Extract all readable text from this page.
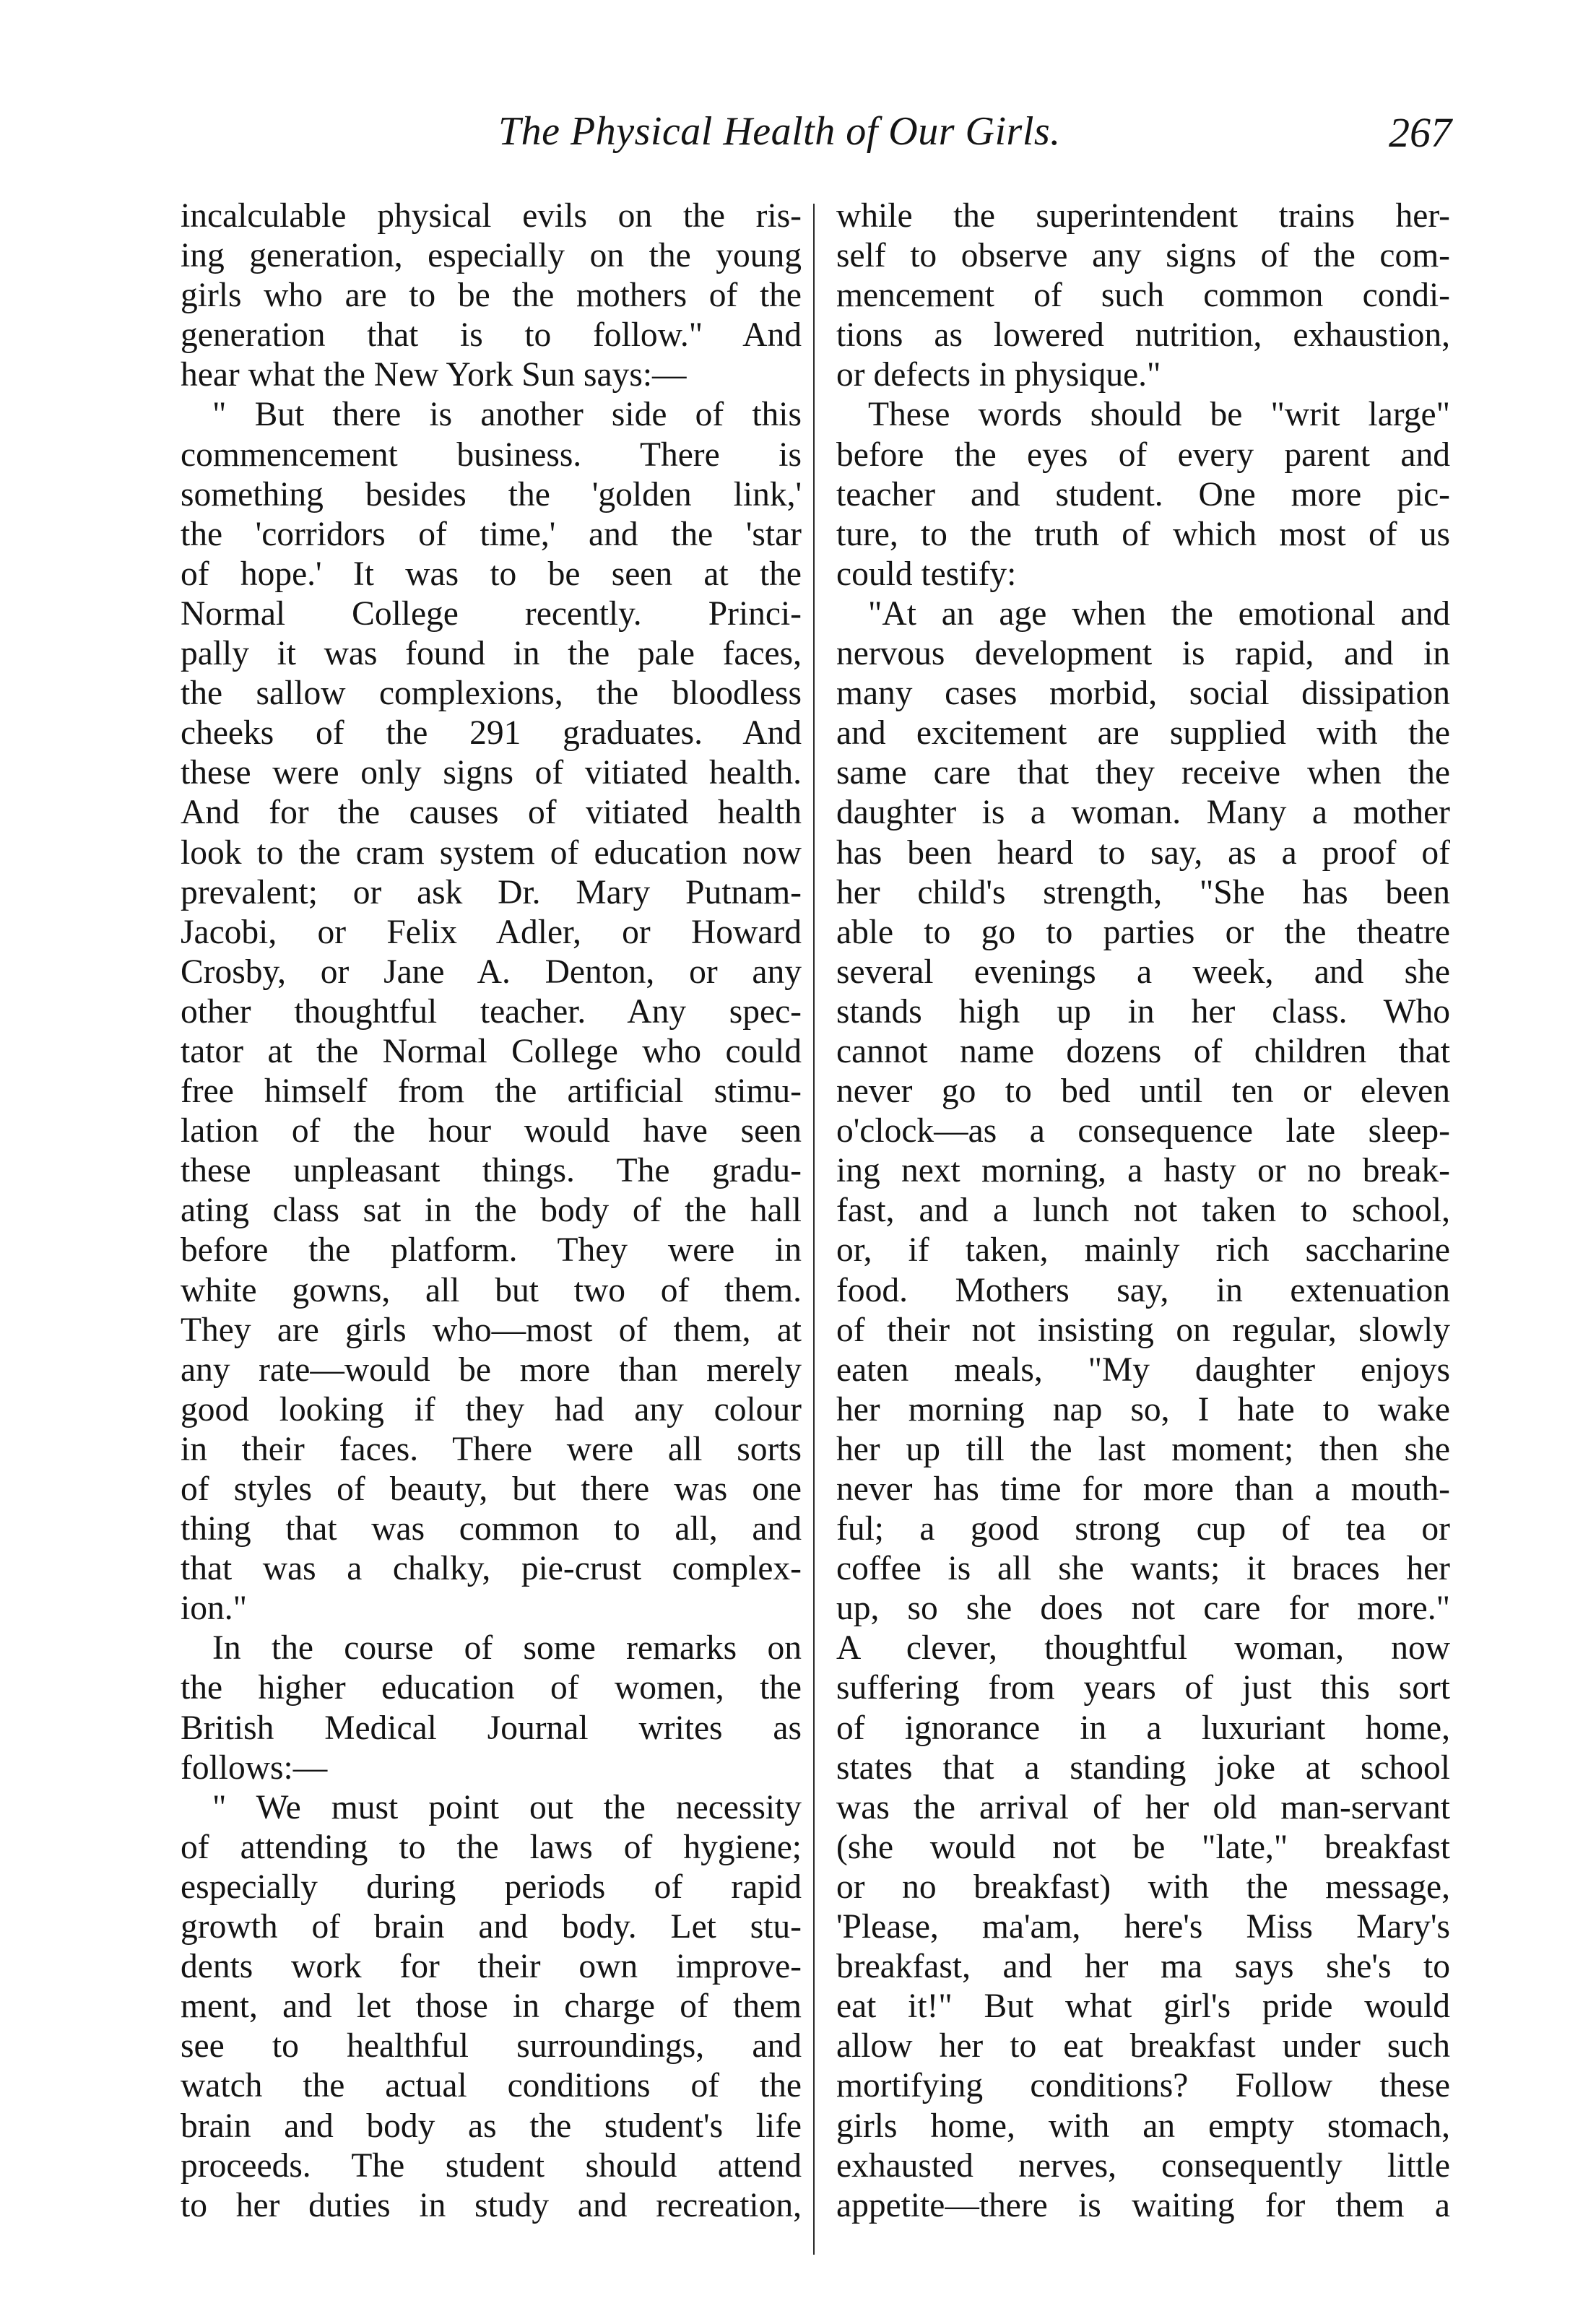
The Physical Health of Our Girls.	267
incalculable physical evils on the ris-
ing generation, especially on the young
girls who are to be the mothers of the
generation that is to follow." And
hear what the New York Sun says:—
" But there is another side of this
commencement business. There is
something besides the 'golden link,'
the 'corridors of time,' and the 'star
of hope.' It was to be seen at the
Normal College recently. Princi-
pally it was found in the pale faces,
the sallow complexions, the bloodless
cheeks of the 291 graduates. And
these were only signs of vitiated health.
And for the causes of vitiated health
look to the cram system of education now
prevalent; or ask Dr. Mary Putnam-
Jacobi, or Felix Adler, or Howard
Crosby, or Jane A. Denton, or any
other thoughtful teacher. Any spec-
tator at the Normal College who could
free himself from the artificial stimu-
lation of the hour would have seen
these unpleasant things. The gradu-
ating class sat in the body of the hall
before the platform. They were in
white gowns, all but two of them.
They are girls who—most of them, at
any rate—would be more than merely
good looking if they had any colour
in their faces. There were all sorts
of styles of beauty, but there was one
thing that was common to all, and
that was a chalky, pie-crust complex-
ion."
In the course of some remarks on
the higher education of women, the
British Medical Journal writes as
follows:—
" We must point out the necessity
of attending to the laws of hygiene;
especially during periods of rapid
growth of brain and body. Let stu-
dents work for their own improve-
ment, and let those in charge of them
see to healthful surroundings, and
watch the actual conditions of the
brain and body as the student's life
proceeds. The student should attend
to her duties in study and recreation,
while the superintendent trains her-
self to observe any signs of the com-
mencement of such common condi-
tions as lowered nutrition, exhaustion,
or defects in physique."
These words should be "writ large"
before the eyes of every parent and
teacher and student. One more pic-
ture, to the truth of which most of us
could testify:
"At an age when the emotional and
nervous development is rapid, and in
many cases morbid, social dissipation
and excitement are supplied with the
same care that they receive when the
daughter is a woman. Many a mother
has been heard to say, as a proof of
her child's strength, "She has been
able to go to parties or the theatre
several evenings a week, and she
stands high up in her class. Who
cannot name dozens of children that
never go to bed until ten or eleven
o'clock—as a consequence late sleep-
ing next morning, a hasty or no break-
fast, and a lunch not taken to school,
or, if taken, mainly rich saccharine
food. Mothers say, in extenuation
of their not insisting on regular, slowly
eaten meals, "My daughter enjoys
her morning nap so, I hate to wake
her up till the last moment; then she
never has time for more than a mouth-
ful; a good strong cup of tea or
coffee is all she wants; it braces her
up, so she does not care for more."
A clever, thoughtful woman, now
suffering from years of just this sort
of ignorance in a luxuriant home,
states that a standing joke at school
was the arrival of her old man-servant
(she would not be "late," breakfast
or no breakfast) with the message,
'Please, ma'am, here's Miss Mary's
breakfast, and her ma says she's to
eat it!" But what girl's pride would
allow her to eat breakfast under such
mortifying conditions? Follow these
girls home, with an empty stomach,
exhausted nerves, consequently little
appetite—there is waiting for them a
